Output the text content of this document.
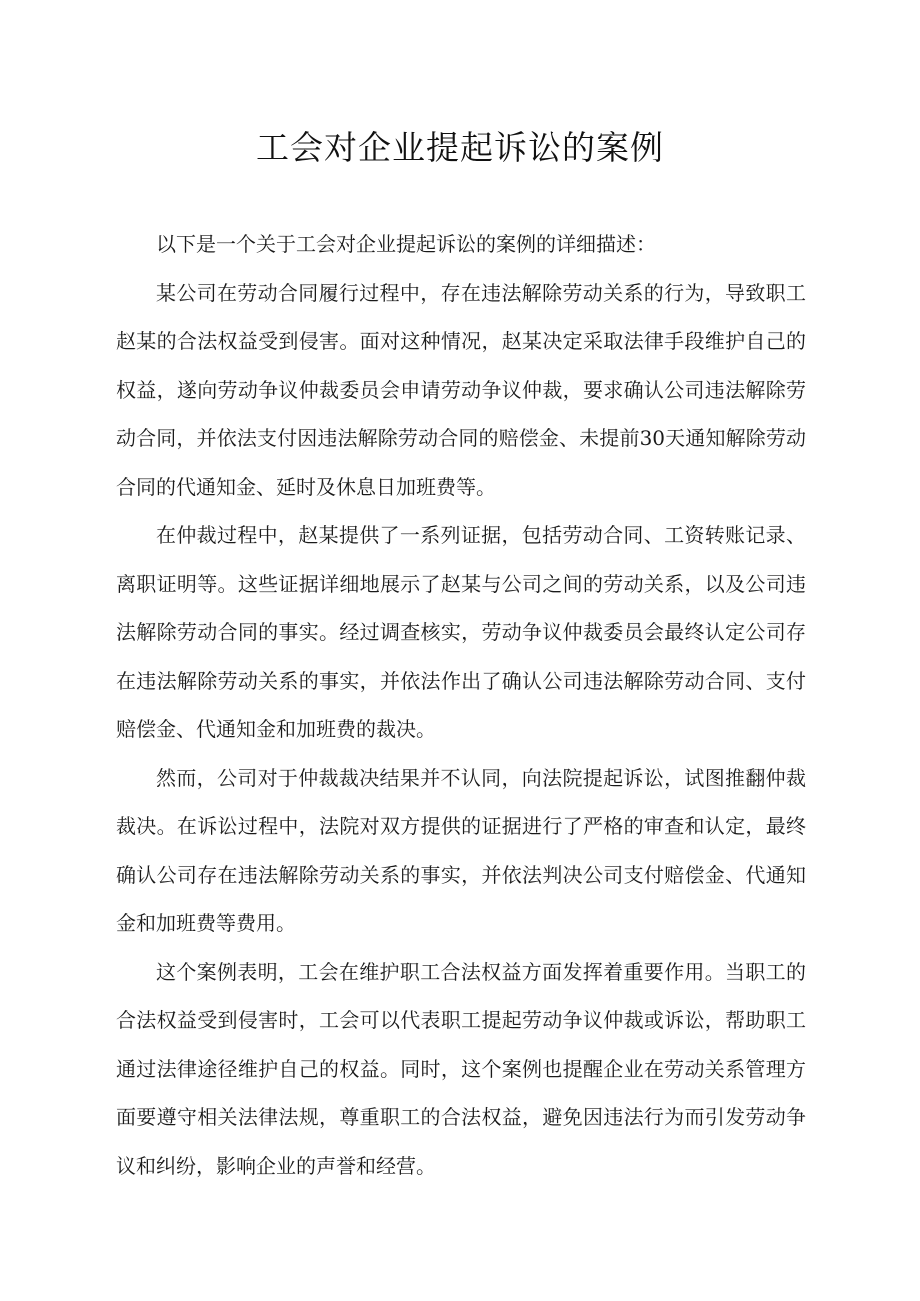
工会对企业提起诉讼的案例

以下是一个关于工会对企业提起诉讼的案例的详细描述：

某公司在劳动合同履行过程中，存在违法解除劳动关系的行为，导致职工赵某的合法权益受到侵害。面对这种情况，赵某决定采取法律手段维护自己的权益，遂向劳动争议仲裁委员会申请劳动争议仲裁，要求确认公司违法解除劳动合同，并依法支付因违法解除劳动合同的赔偿金、未提前30天通知解除劳动合同的代通知金、延时及休息日加班费等。

在仲裁过程中，赵某提供了一系列证据，包括劳动合同、工资转账记录、离职证明等。这些证据详细地展示了赵某与公司之间的劳动关系，以及公司违法解除劳动合同的事实。经过调查核实，劳动争议仲裁委员会最终认定公司存在违法解除劳动关系的事实，并依法作出了确认公司违法解除劳动合同、支付赔偿金、代通知金和加班费的裁决。

然而，公司对于仲裁裁决结果并不认同，向法院提起诉讼，试图推翻仲裁裁决。在诉讼过程中，法院对双方提供的证据进行了严格的审查和认定，最终确认公司存在违法解除劳动关系的事实，并依法判决公司支付赔偿金、代通知金和加班费等费用。

这个案例表明，工会在维护职工合法权益方面发挥着重要作用。当职工的合法权益受到侵害时，工会可以代表职工提起劳动争议仲裁或诉讼，帮助职工通过法律途径维护自己的权益。同时，这个案例也提醒企业在劳动关系管理方面要遵守相关法律法规，尊重职工的合法权益，避免因违法行为而引发劳动争议和纠纷，影响企业的声誉和经营。
